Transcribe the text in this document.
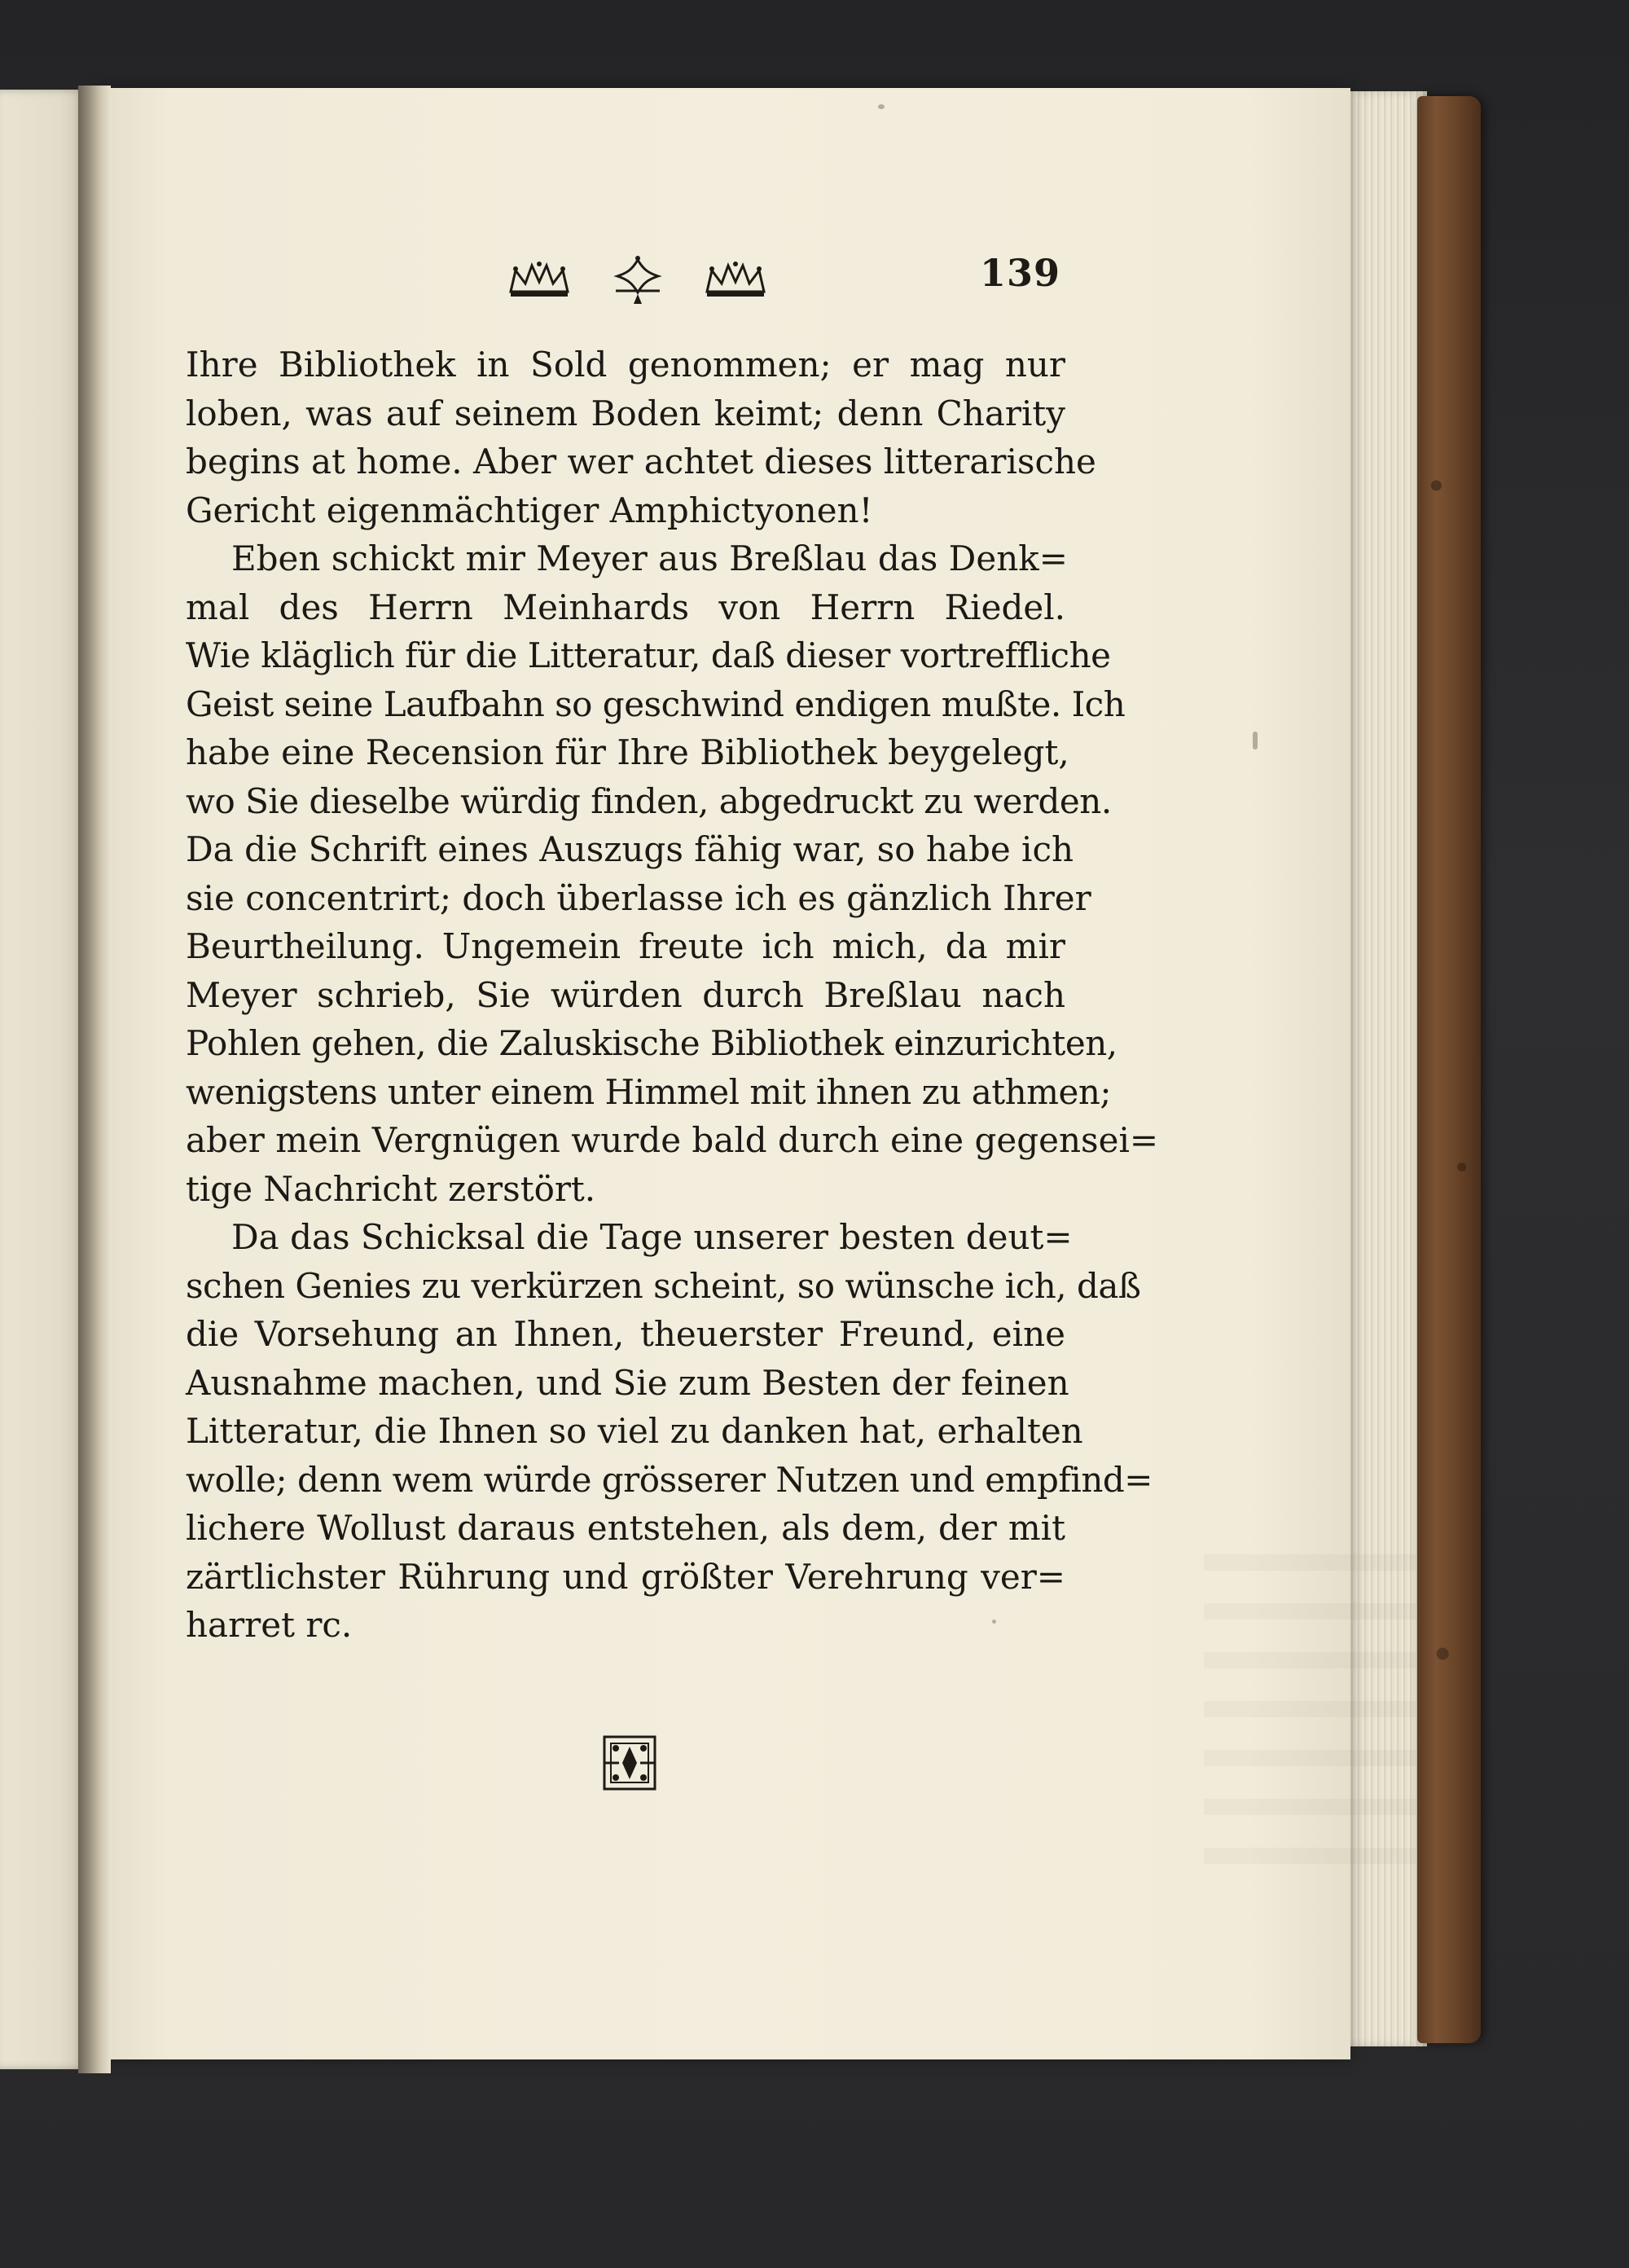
139
Ihre Bibliothek in Sold genommen; er mag nur
loben, was auf seinem Boden keimt; denn Charity
begins at home. Aber wer achtet dieses litterarische
Gericht eigenmächtiger Amphictyonen!
Eben schickt mir Meyer aus Breßlau das Denk=
mal des Herrn Meinhards von Herrn Riedel.
Wie kläglich für die Litteratur, daß dieser vortreffliche
Geist seine Laufbahn so geschwind endigen mußte. Ich
habe eine Recension für Ihre Bibliothek beygelegt,
wo Sie dieselbe würdig finden, abgedruckt zu werden.
Da die Schrift eines Auszugs fähig war, so habe ich
sie concentrirt; doch überlasse ich es gänzlich Ihrer
Beurtheilung. Ungemein freute ich mich, da mir
Meyer schrieb, Sie würden durch Breßlau nach
Pohlen gehen, die Zaluskische Bibliothek einzurichten,
wenigstens unter einem Himmel mit ihnen zu athmen;
aber mein Vergnügen wurde bald durch eine gegensei=
tige Nachricht zerstört.
Da das Schicksal die Tage unserer besten deut=
schen Genies zu verkürzen scheint, so wünsche ich, daß
die Vorsehung an Ihnen, theuerster Freund, eine
Ausnahme machen, und Sie zum Besten der feinen
Litteratur, die Ihnen so viel zu danken hat, erhalten
wolle; denn wem würde grösserer Nutzen und empfind=
lichere Wollust daraus entstehen, als dem, der mit
zärtlichster Rührung und größter Verehrung ver=
harret rc.
